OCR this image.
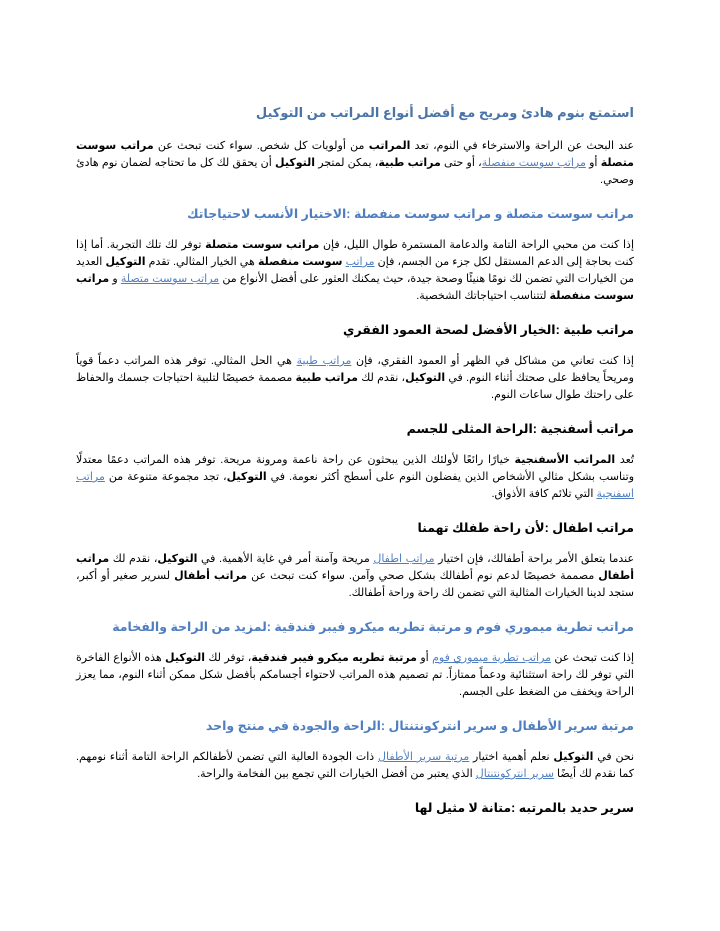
استمتع بنوم هادئ ومريح مع أفضل أنواع المراتب من التوكيل

عند البحث عن الراحة والاسترخاء في النوم، تعد المراتب من أولويات كل شخص. سواء كنت تبحث عن مراتب سوست متصلة أو مراتب سوست منفصلة، أو حتى مراتب طبية، يمكن لمتجر التوكيل أن يحقق لك كل ما تحتاجه لضمان نوم هادئ وصحي.

مراتب سوست متصلة و مراتب سوست منفصلة :الاختيار الأنسب لاحتياجاتك

إذا كنت من محبي الراحة التامة والدعامة المستمرة طوال الليل، فإن مراتب سوست متصلة توفر لك تلك التجربة. أما إذا كنت بحاجة إلى الدعم المستقل لكل جزء من الجسم، فإن مراتب سوست منفصلة هي الخيار المثالي. تقدم التوكيل العديد من الخيارات التي تضمن لك نومًا هنيئًا وصحة جيدة، حيث يمكنك العثور على أفضل الأنواع من مراتب سوست متصلة و مراتب سوست منفصلة لتتناسب احتياجاتك الشخصية.

مراتب طبية :الخيار الأفضل لصحة العمود الفقري

إذا كنت تعاني من مشاكل في الظهر أو العمود الفقري، فإن مراتب طبية هي الحل المثالي. توفر هذه المراتب دعماً قوياً ومريحاً يحافظ على صحتك أثناء النوم. في التوكيل، نقدم لك مراتب طبية مصممة خصيصًا لتلبية احتياجات جسمك والحفاظ على راحتك طوال ساعات النوم.

مراتب أسفنجية :الراحة المثلى للجسم

تُعد المراتب الأسفنجية خيارًا رائعًا لأولئك الذين يبحثون عن راحة ناعمة ومرونة مريحة. توفر هذه المراتب دعمًا معتدلًا وتناسب بشكل مثالي الأشخاص الذين يفضلون النوم على أسطح أكثر نعومة. في التوكيل، تجد مجموعة متنوعة من مراتب اسفنجية التي تلائم كافة الأذواق.

مراتب اطفال :لأن راحة طفلك تهمنا

عندما يتعلق الأمر براحة أطفالك، فإن اختيار مراتب اطفال مريحة وآمنة أمر في غاية الأهمية. في التوكيل، نقدم لك مراتب أطفال مصممة خصيصًا لدعم نوم أطفالك بشكل صحي وآمن. سواء كنت تبحث عن مراتب أطفال لسرير صغير أو أكبر، ستجد لدينا الخيارات المثالية التي تضمن لك راحة وراحة أطفالك.

مراتب تطرية ميموري فوم و مرتبة تطريه ميكرو فيبر فندقية :لمزيد من الراحة والفخامة

إذا كنت تبحث عن مراتب تطرية ميموري فوم أو مرتبة تطريه ميكرو فيبر فندقية، توفر لك التوكيل هذه الأنواع الفاخرة التي توفر لك راحة استثنائية ودعماً ممتازاً. تم تصميم هذه المراتب لاحتواء أجسامكم بأفضل شكل ممكن أثناء النوم، مما يعزز الراحة ويخفف من الضغط على الجسم.

مرتبة سرير الأطفال و سرير انتركونتنتال :الراحة والجودة في منتج واحد

نحن في التوكيل نعلم أهمية اختيار مرتبة سرير الأطفال ذات الجودة العالية التي تضمن لأطفالكم الراحة التامة أثناء نومهم. كما نقدم لك أيضًا سرير انتركونتنتال الذي يعتبر من أفضل الخيارات التي تجمع بين الفخامة والراحة.

سرير حديد بالمرتبه :متانة لا مثيل لها
